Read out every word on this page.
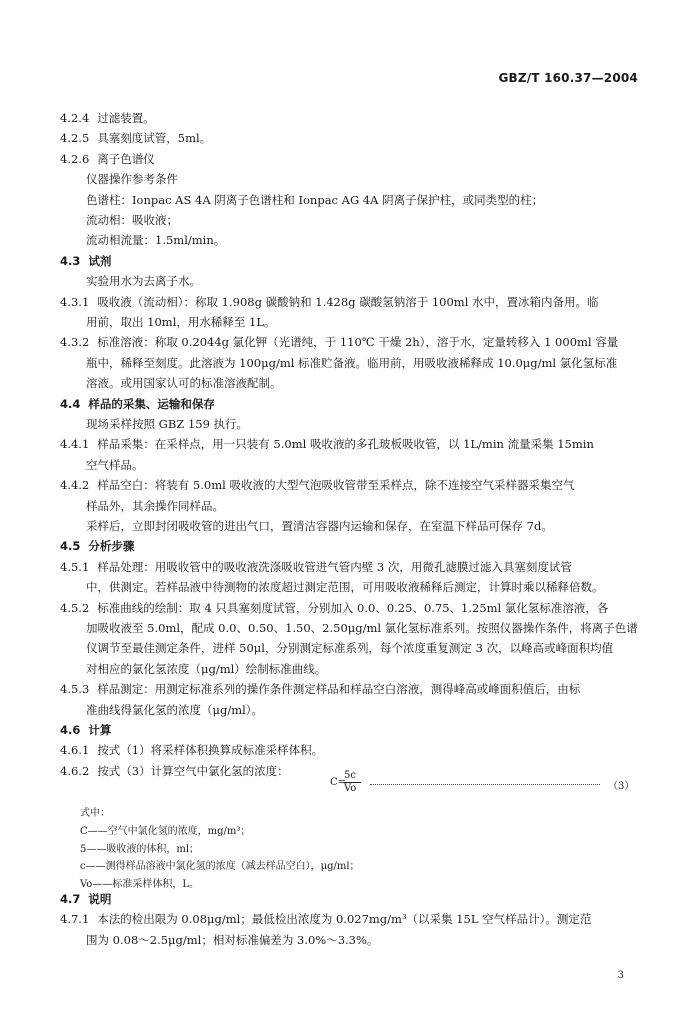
GBZ/T 160.37—2004
4.2.4 过滤装置。
4.2.5 具塞刻度试管，5ml。
4.2.6 离子色谱仪
仪器操作参考条件
色谱柱：Ionpac AS 4A 阴离子色谱柱和 Ionpac AG 4A 阴离子保护柱，或同类型的柱；
流动相：吸收液；
流动相流量：1.5ml/min。
4.3 试剂
实验用水为去离子水。
4.3.1 吸收液（流动相）：称取 1.908g 碳酸钠和 1.428g 碳酸氢钠溶于 100ml 水中，置冰箱内备用。临
用前，取出 10ml，用水稀释至 1L。
4.3.2 标准溶液：称取 0.2044g 氯化钾（光谱纯，于 110℃ 干燥 2h），溶于水，定量转移入 1 000ml 容量
瓶中，稀释至刻度。此溶液为 100μg/ml 标准贮备液。临用前，用吸收液稀释成 10.0μg/ml 氯化氢标准
溶液。或用国家认可的标准溶液配制。
4.4 样品的采集、运输和保存
现场采样按照 GBZ 159 执行。
4.4.1 样品采集：在采样点，用一只装有 5.0ml 吸收液的多孔玻板吸收管，以 1L/min 流量采集 15min
空气样品。
4.4.2 样品空白：将装有 5.0ml 吸收液的大型气泡吸收管带至采样点，除不连接空气采样器采集空气
样品外，其余操作同样品。
采样后，立即封闭吸收管的进出气口，置清洁容器内运输和保存，在室温下样品可保存 7d。
4.5 分析步骤
4.5.1 样品处理：用吸收管中的吸收液洗涤吸收管进气管内壁 3 次，用微孔滤膜过滤入具塞刻度试管
中，供测定。若样品液中待测物的浓度超过测定范围，可用吸收液稀释后测定，计算时乘以稀释倍数。
4.5.2 标准曲线的绘制：取 4 只具塞刻度试管，分别加入 0.0、0.25、0.75、1.25ml 氯化氢标准溶液，各
加吸收液至 5.0ml，配成 0.0、0.50、1.50、2.50μg/ml 氯化氢标准系列。按照仪器操作条件，将离子色谱
仪调节至最佳测定条件，进样 50μl，分别测定标准系列，每个浓度重复测定 3 次，以峰高或峰面积均值
对相应的氯化氢浓度（μg/ml）绘制标准曲线。
4.5.3 样品测定：用测定标准系列的操作条件测定样品和样品空白溶液，测得峰高或峰面积值后，由标
准曲线得氯化氢的浓度（μg/ml）。
4.6 计算
4.6.1 按式（1）将采样体积换算成标准采样体积。
4.6.2 按式（3）计算空气中氯化氢的浓度：
C=
5c
Vo	（3）
式中：
C——空气中氯化氢的浓度，mg/m³；
5——吸收液的体积，ml；
c——测得样品溶液中氯化氢的浓度（减去样品空白），μg/ml；
Vo——标准采样体积，L。
4.7 说明
4.7.1 本法的检出限为 0.08μg/ml；最低检出浓度为 0.027mg/m³（以采集 15L 空气样品计）。测定范
围为 0.08～2.5μg/ml；相对标准偏差为 3.0%～3.3%。
3
